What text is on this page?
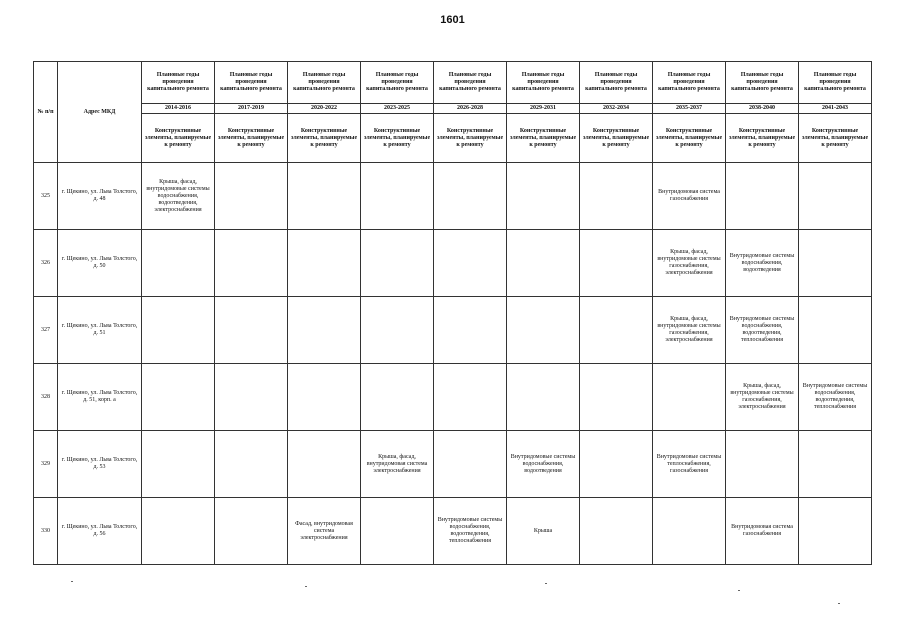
1601
№ п/п	Адрес МКД	Плановые годы проведения капитального ремонта	Плановые годы проведения капитального ремонта	Плановые годы проведения капитального ремонта	Плановые годы проведения капитального ремонта	Плановые годы проведения капитального ремонта	Плановые годы проведения капитального ремонта	Плановые годы проведения капитального ремонта	Плановые годы проведения капитального ремонта	Плановые годы проведения капитального ремонта	Плановые годы проведения капитального ремонта
		2014-2016	2017-2019	2020-2022	2023-2025	2026-2028	2029-2031	2032-2034	2035-2037	2038-2040	2041-2043
		Конструктивные элементы, планируемые к ремонту	Конструктивные элементы, планируемые к ремонту	Конструктивные элементы, планируемые к ремонту	Конструктивные элементы, планируемые к ремонту	Конструктивные элементы, планируемые к ремонту	Конструктивные элементы, планируемые к ремонту	Конструктивные элементы, планируемые к ремонту	Конструктивные элементы, планируемые к ремонту	Конструктивные элементы, планируемые к ремонту	Конструктивные элементы, планируемые к ремонту
325	г. Щекино, ул. Льва Толстого, д. 48	Крыша, фасад, внутридомовые системы водоснабжения, водоотведения, электроснабжения							Внутридомовая система газоснабжения		
326	г. Щекино, ул. Льва Толстого, д. 50								Крыша, фасад, внутридомовые системы газоснабжения, электроснабжения	Внутридомовые системы водоснабжения, водоотведения	
327	г. Щекино, ул. Льва Толстого, д. 51								Крыша, фасад, внутридомовые системы газоснабжения, электроснабжения	Внутридомовые системы водоснабжения, водоотведения, теплоснабжения	
328	г. Щекино, ул. Льва Толстого, д. 51, корп. а									Крыша, фасад, внутридомовые системы газоснабжения, электроснабжения	Внутридомовые системы водоснабжения, водоотведения, теплоснабжения
329	г. Щекино, ул. Льва Толстого, д. 53				Крыша, фасад, внутридомовая система электроснабжения		Внутридомовые системы водоснабжения, водоотведения		Внутридомовые системы теплоснабжения, газоснабжения		
330	г. Щекино, ул. Льва Толстого, д. 56			Фасад, внутридомовая система электроснабжения		Внутридомовые системы водоснабжения, водоотведения, теплоснабжения	Крыша			Внутридомовая система газоснабжения	
